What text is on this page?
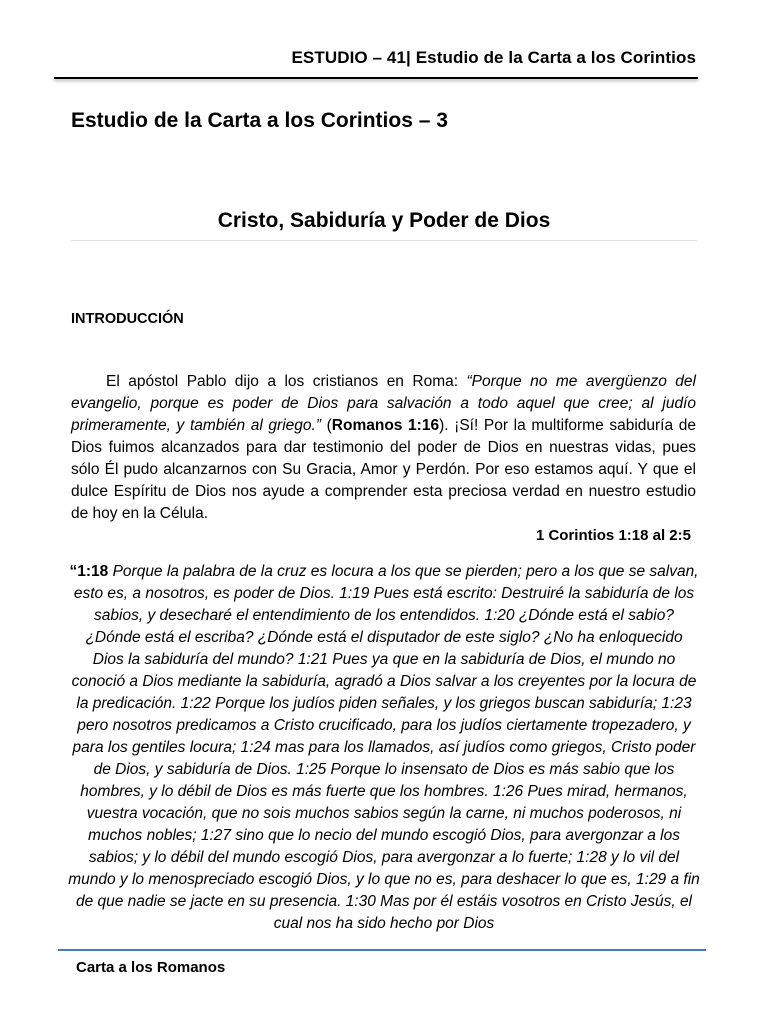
ESTUDIO – 41| Estudio de la Carta a los Corintios
Estudio de la Carta a los Corintios – 3
Cristo, Sabiduría y Poder de Dios
INTRODUCCIÓN

El apóstol Pablo dijo a los cristianos en Roma: “Porque no me avergüenzo del evangelio, porque es poder de Dios para salvación a todo aquel que cree; al judío primeramente, y también al griego.” (Romanos 1:16). ¡Sí! Por la multiforme sabiduría de Dios fuimos alcanzados para dar testimonio del poder de Dios en nuestras vidas, pues sólo Él pudo alcanzarnos con Su Gracia, Amor y Perdón. Por eso estamos aquí. Y que el dulce Espíritu de Dios nos ayude a comprender esta preciosa verdad en nuestro estudio de hoy en la Célula.

1 Corintios 1:18 al 2:5

“1:18 Porque la palabra de la cruz es locura a los que se pierden; pero a los que se salvan, esto es, a nosotros, es poder de Dios. 1:19 Pues está escrito: Destruiré la sabiduría de los sabios, y desecharé el entendimiento de los entendidos. 1:20 ¿Dónde está el sabio? ¿Dónde está el escriba? ¿Dónde está el disputador de este siglo? ¿No ha enloquecido Dios la sabiduría del mundo? 1:21 Pues ya que en la sabiduría de Dios, el mundo no conoció a Dios mediante la sabiduría, agradó a Dios salvar a los creyentes por la locura de la predicación. 1:22 Porque los judíos piden señales, y los griegos buscan sabiduría; 1:23 pero nosotros predicamos a Cristo crucificado, para los judíos ciertamente tropezadero, y para los gentiles locura; 1:24 mas para los llamados, así judíos como griegos, Cristo poder de Dios, y sabiduría de Dios. 1:25 Porque lo insensato de Dios es más sabio que los hombres, y lo débil de Dios es más fuerte que los hombres. 1:26 Pues mirad, hermanos, vuestra vocación, que no sois muchos sabios según la carne, ni muchos poderosos, ni muchos nobles; 1:27 sino que lo necio del mundo escogió Dios, para avergonzar a los sabios; y lo débil del mundo escogió Dios, para avergonzar a lo fuerte; 1:28 y lo vil del mundo y lo menospreciado escogió Dios, y lo que no es, para deshacer lo que es, 1:29 a fin de que nadie se jacte en su presencia. 1:30 Mas por él estáis vosotros en Cristo Jesús, el cual nos ha sido hecho por Dios

Carta a los Romanos
